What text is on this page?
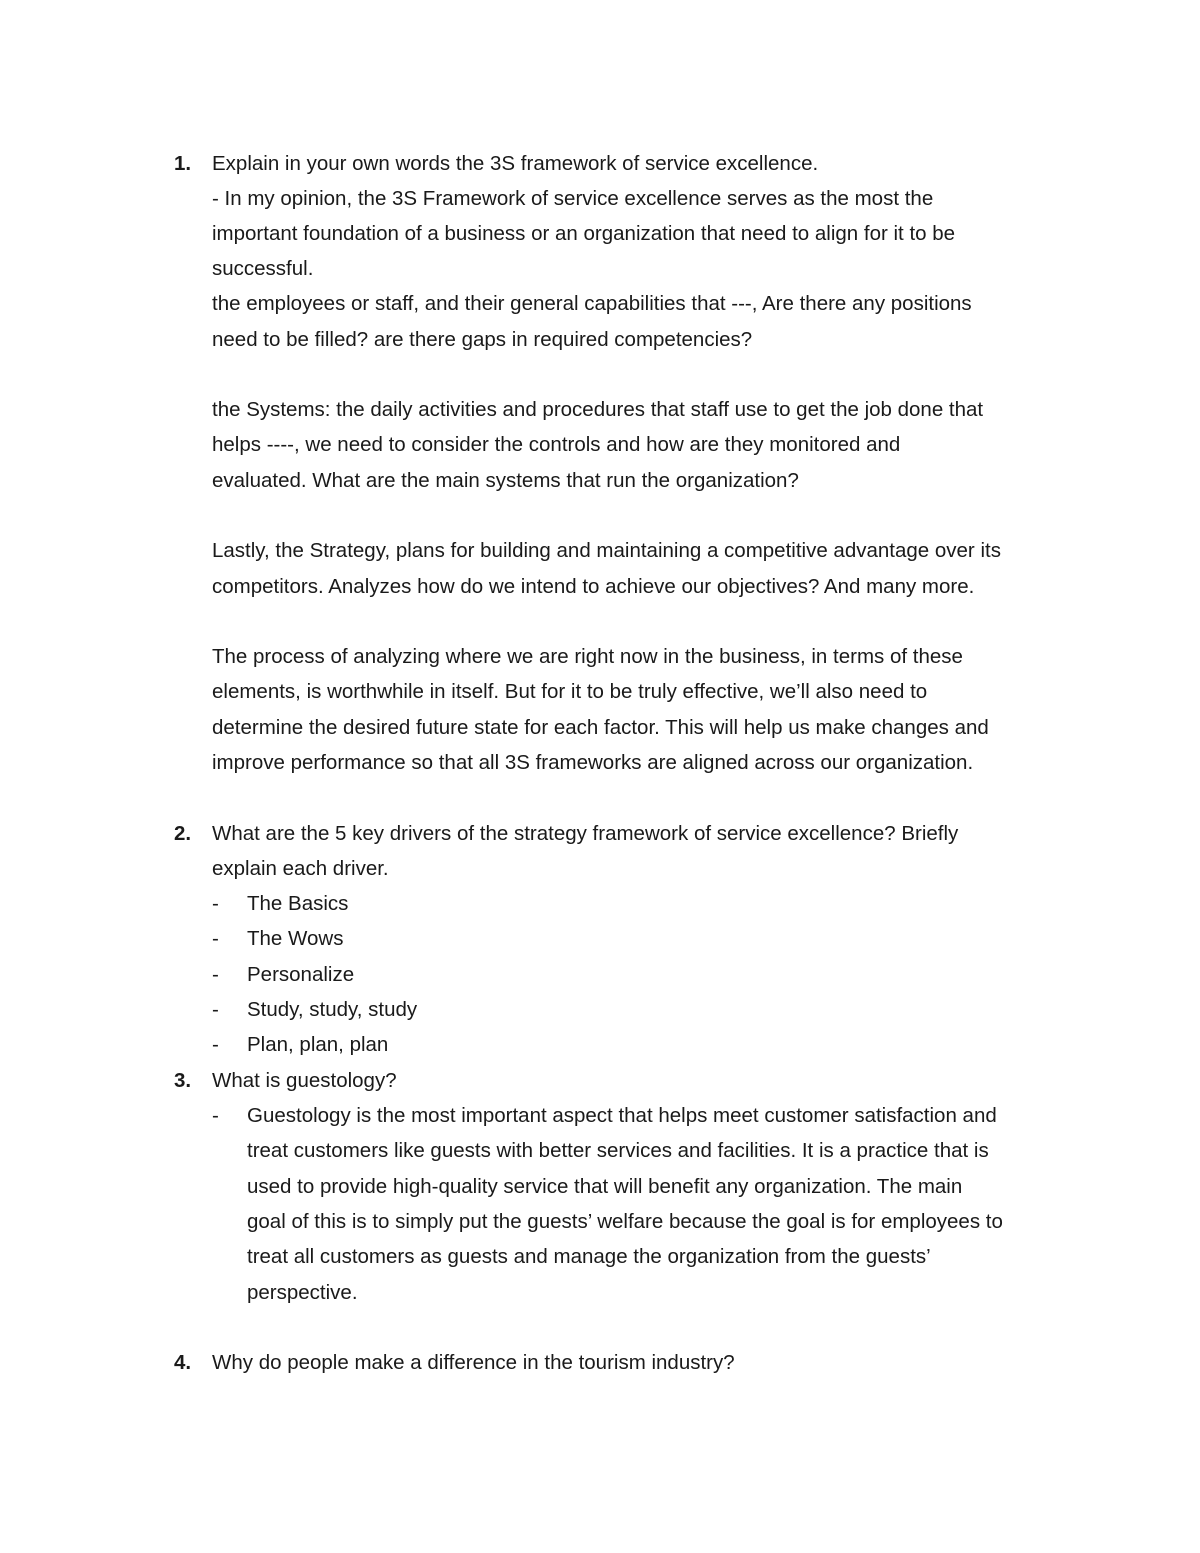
1. Explain in your own words the 3S framework of service excellence.
- In my opinion, the 3S Framework of service excellence serves as the most the
important foundation of a business or an organization that need to align for it to be
successful.
the employees or staff, and their general capabilities that ---, Are there any positions
need to be filled? are there gaps in required competencies?
the Systems: the daily activities and procedures that staff use to get the job done that
helps ----, we need to consider the controls and how are they monitored and
evaluated. What are the main systems that run the organization?
Lastly, the Strategy, plans for building and maintaining a competitive advantage over its
competitors. Analyzes how do we intend to achieve our objectives? And many more.
The process of analyzing where we are right now in the business, in terms of these
elements, is worthwhile in itself. But for it to be truly effective, we’ll also need to
determine the desired future state for each factor. This will help us make changes and
improve performance so that all 3S frameworks are aligned across our organization.
2. What are the 5 key drivers of the strategy framework of service excellence? Briefly
explain each driver.
- The Basics
- The Wows
- Personalize
- Study, study, study
- Plan, plan, plan
3. What is guestology?
- Guestology is the most important aspect that helps meet customer satisfaction and
treat customers like guests with better services and facilities. It is a practice that is
used to provide high-quality service that will benefit any organization. The main
goal of this is to simply put the guests’ welfare because the goal is for employees to
treat all customers as guests and manage the organization from the guests’
perspective.
4. Why do people make a difference in the tourism industry?
